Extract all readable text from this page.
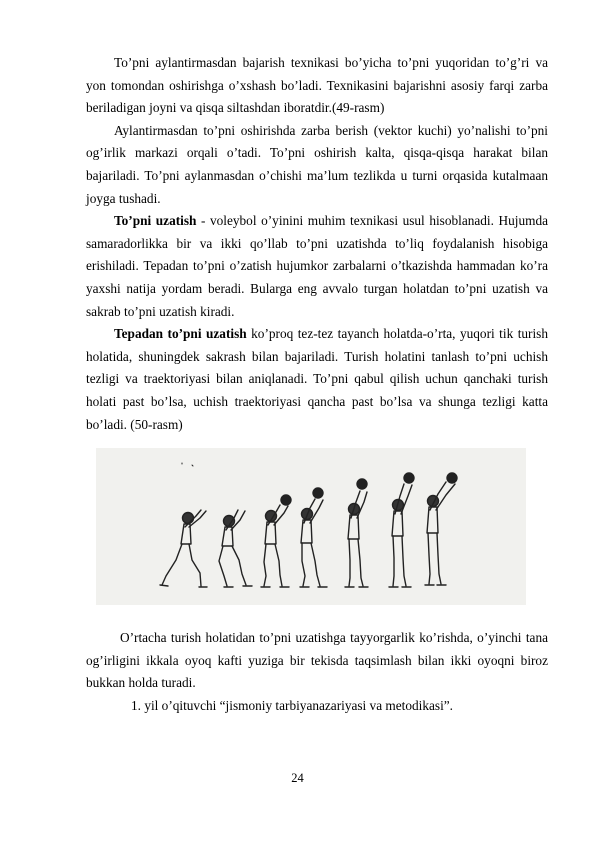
To’pni aylantirmasdan bajarish texnikasi bo’yicha to’pni yuqoridan to’g’ri va yon tomondan oshirishga o’xshash bo’ladi. Texnikasini bajarishni asosiy farqi zarba beriladigan joyni va qisqa siltashdan iboratdir.(49-rasm)

Aylantirmasdan to’pni oshirishda zarba berish (vektor kuchi) yo’nalishi to’pni og’irlik markazi orqali o’tadi. To’pni oshirish kalta, qisqa-qisqa harakat bilan bajariladi. To’pni aylanmasdan o’chishi ma’lum tezlikda u turni orqasida kutalmaan joyga tushadi.

To’pni uzatish - voleybol o’yinini muhim texnikasi usul hisoblanadi. Hujumda samaradorlikka bir va ikki qo’llab to’pni uzatishda to’liq foydalanish hisobiga erishiladi. Tepadan to’pni o’zatish hujumkor zarbalarni o’tkazishda hammadan ko’ra yaxshi natija yordam beradi. Bularga eng avvalo turgan holatdan to’pni uzatish va sakrab to’pni uzatish kiradi.

Tepadan to’pni uzatish ko’proq tez-tez tayanch holatda-o’rta, yuqori tik turish holatida, shuningdek sakrash bilan bajariladi. Turish holatini tanlash to’pni uchish tezligi va traektoriyasi bilan aniqlanadi. To’pni qabul qilish uchun qanchaki turish holati past bo’lsa, uchish traektoriyasi qancha past bo’lsa va shunga tezligi katta bo’ladi. (50-rasm)

O’rtacha turish holatidan to’pni uzatishga tayyorgarlik ko’rishda, o’yinchi tana og’irligini ikkala oyoq kafti yuziga bir tekisda taqsimlash bilan ikki oyoqni biroz bukkan holda turadi.

1. yil o’qituvchi “jismoniy tarbiyanazariyasi va metodikasi”.
24
